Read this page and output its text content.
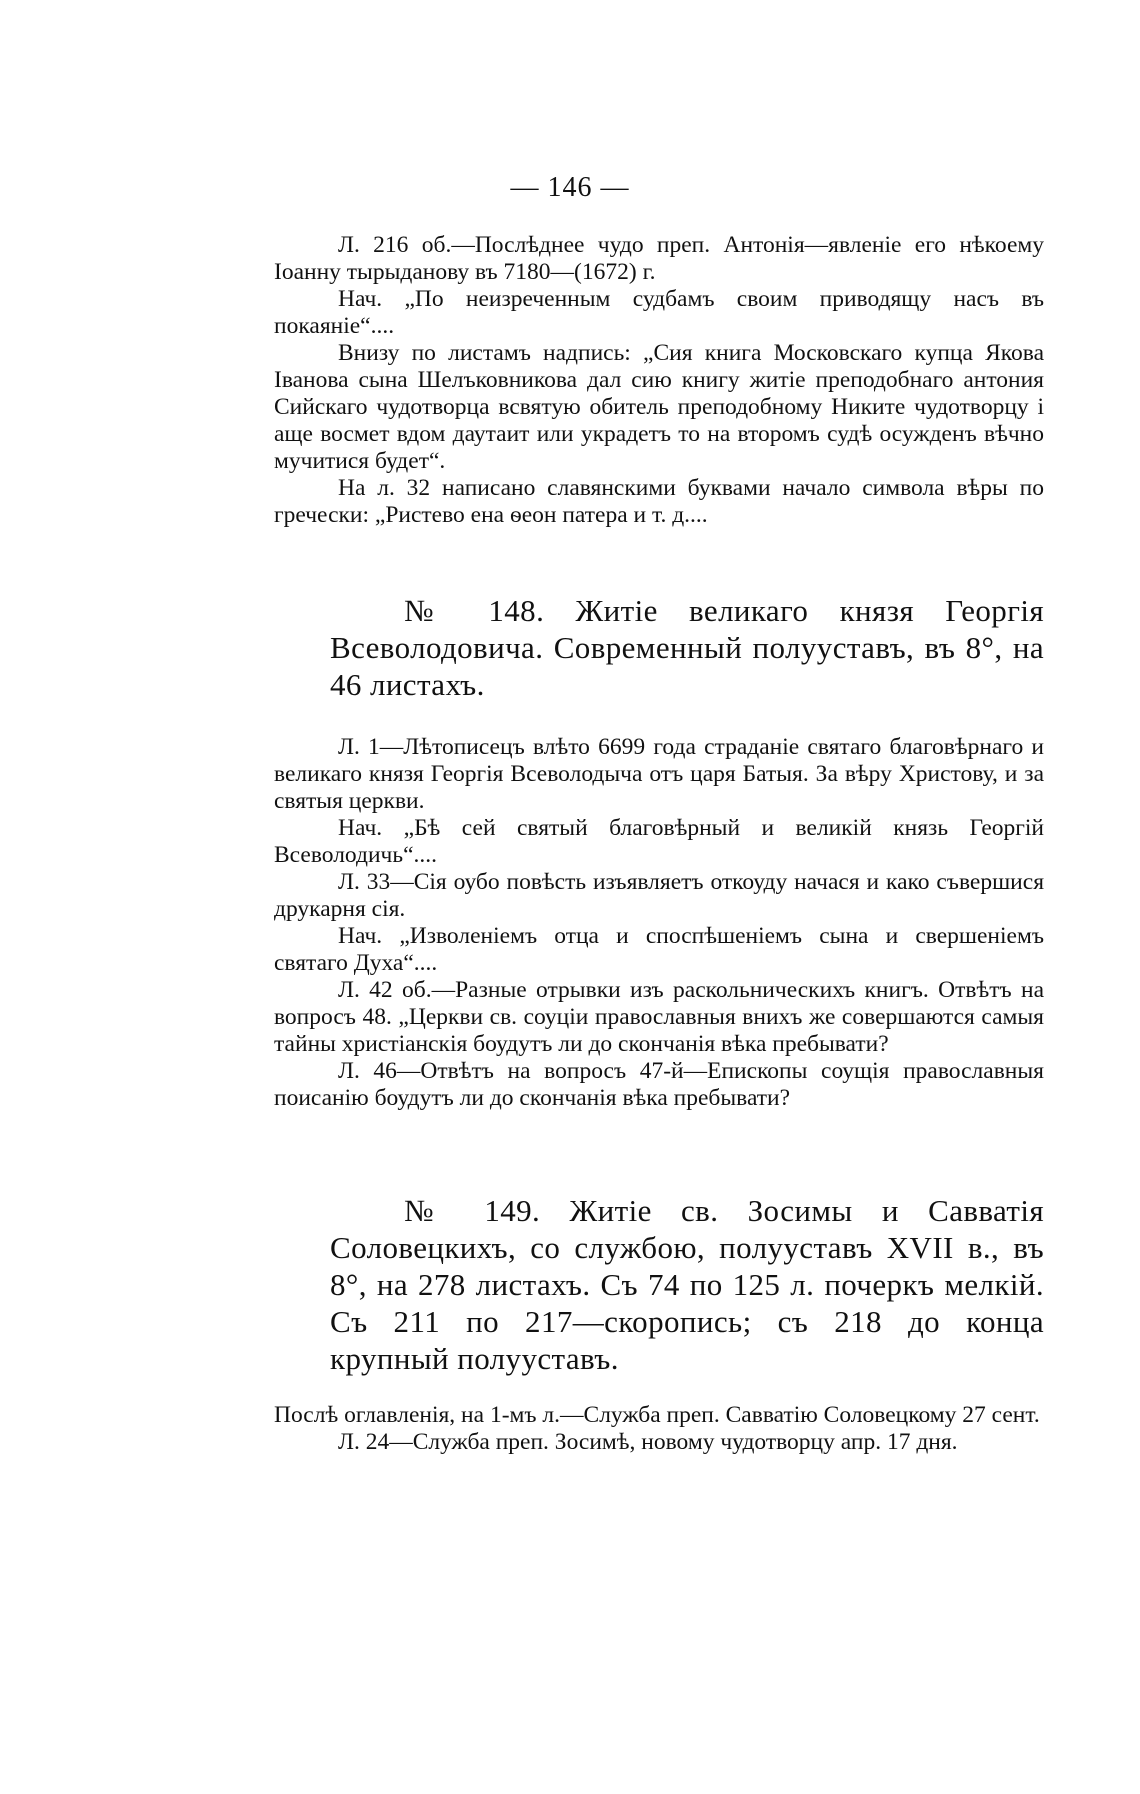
— 146 —

Л. 216 об.—Послѣднее чудо преп. Антонія—явленіе его нѣкоему Іоанну тырыданову въ 7180—(1672) г.

Нач. „По неизреченным судбамъ своим приводящу насъ въ покаяніе“....

Внизу по листамъ надпись: „Сия книга Московскаго купца Якова Іванова сына Шелъковникова дал сию книгу житіе преподобнаго антония Сийскаго чудотворца всвятую обитель преподобному Никите чудотворцу і аще восмет вдом даутаит или украдетъ то на второмъ судѣ осужденъ вѣчно мучитися будет“.

На л. 32 написано славянскими буквами начало символа вѣры по гречески: „Ристево ена ѳеон патера и т. д....

№ 148. Житіе великаго князя Георгія Всеволодовича. Современный полууставъ, въ 8°, на 46 листахъ.

Л. 1—Лѣтописецъ влѣто 6699 года страданіе святаго благовѣрнаго и великаго князя Георгія Всеволодыча отъ царя Батыя. За вѣру Христову, и за святыя церкви.

Нач. „Бѣ сей святый благовѣрный и великій князь Георгій Всеволодичь“....

Л. 33—Сія оубо повѣсть изъявляетъ откоуду начася и како съвершися друкарня сія.

Нач. „Изволеніемъ отца и споспѣшеніемъ сына и свершеніемъ святаго Духа“....

Л. 42 об.—Разные отрывки изъ раскольническихъ книгъ. Отвѣтъ на вопросъ 48. „Церкви св. соуціи православныя вниxъ же совершаются самыя тайны христіанскія боудутъ ли до скончанія вѣка пребывати?

Л. 46—Отвѣтъ на вопросъ 47-й—Епископы соущія православныя поисанію боудутъ ли до скончанія вѣка пребывати?

№ 149. Житіе св. Зосимы и Савватія Соловецкихъ, со службою, полууставъ XVII в., въ 8°, на 278 листахъ. Съ 74 по 125 л. почеркъ мелкій. Съ 211 по 217—скоропись; съ 218 до конца крупный полууставъ.

Послѣ оглавленія, на 1-мъ л.—Служба преп. Савватію Соловецкому 27 сент.

Л. 24—Служба преп. Зосимѣ, новому чудотворцу апр. 17 дня.
